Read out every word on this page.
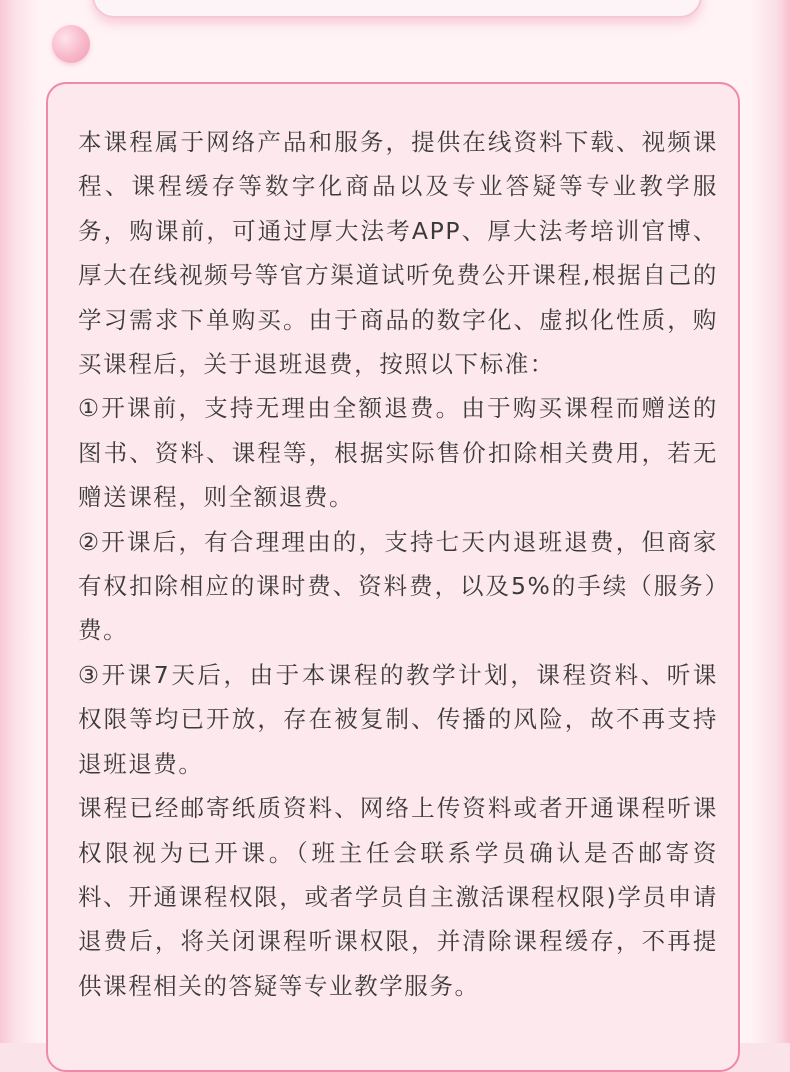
本课程属于网络产品和服务，提供在线资料下载、视频课程、课程缓存等数字化商品以及专业答疑等专业教学服务，购课前，可通过厚大法考APP、厚大法考培训官博、厚大在线视频号等官方渠道试听免费公开课程,根据自己的学习需求下单购买。由于商品的数字化、虚拟化性质，购买课程后，关于退班退费，按照以下标准：

①开课前，支持无理由全额退费。由于购买课程而赠送的图书、资料、课程等，根据实际售价扣除相关费用，若无赠送课程，则全额退费。

②开课后，有合理理由的，支持七天内退班退费，但商家有权扣除相应的课时费、资料费，以及5%的手续（服务）费。

③开课7天后，由于本课程的教学计划，课程资料、听课权限等均已开放，存在被复制、传播的风险，故不再支持退班退费。

课程已经邮寄纸质资料、网络上传资料或者开通课程听课权限视为已开课。（班主任会联系学员确认是否邮寄资料、开通课程权限，或者学员自主激活课程权限)学员申请退费后，将关闭课程听课权限，并清除课程缓存，不再提供课程相关的答疑等专业教学服务。
